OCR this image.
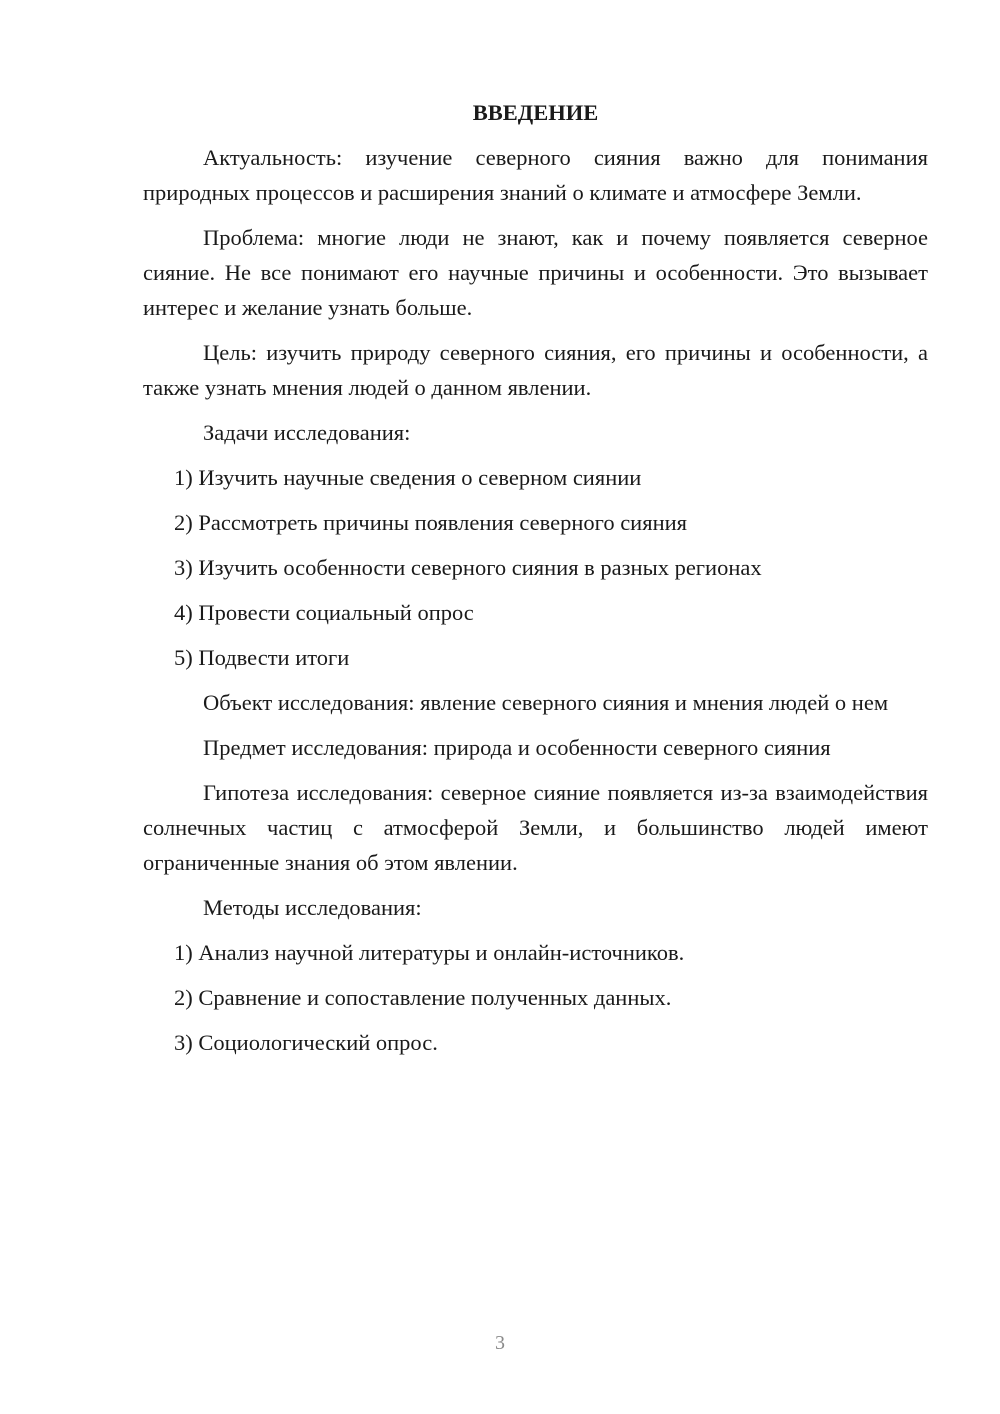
ВВЕДЕНИЕ
Актуальность: изучение северного сияния важно для понимания природных процессов и расширения знаний о климате и атмосфере Земли.
Проблема: многие люди не знают, как и почему появляется северное сияние. Не все понимают его научные причины и особенности. Это вызывает интерес и желание узнать больше.
Цель: изучить природу северного сияния, его причины и особенности, а также узнать мнения людей о данном явлении.
Задачи исследования:
1) Изучить научные сведения о северном сиянии
2) Рассмотреть причины появления северного сияния
3) Изучить особенности северного сияния в разных регионах
4) Провести социальный опрос
5) Подвести итоги
Объект исследования: явление северного сияния и мнения людей о нем
Предмет исследования: природа и особенности северного сияния
Гипотеза исследования: северное сияние появляется из-за взаимодействия солнечных частиц с атмосферой Земли, и большинство людей имеют ограниченные знания об этом явлении.
Методы исследования:
1) Анализ научной литературы и онлайн-источников.
2) Сравнение и сопоставление полученных данных.
3) Социологический опрос.
3
